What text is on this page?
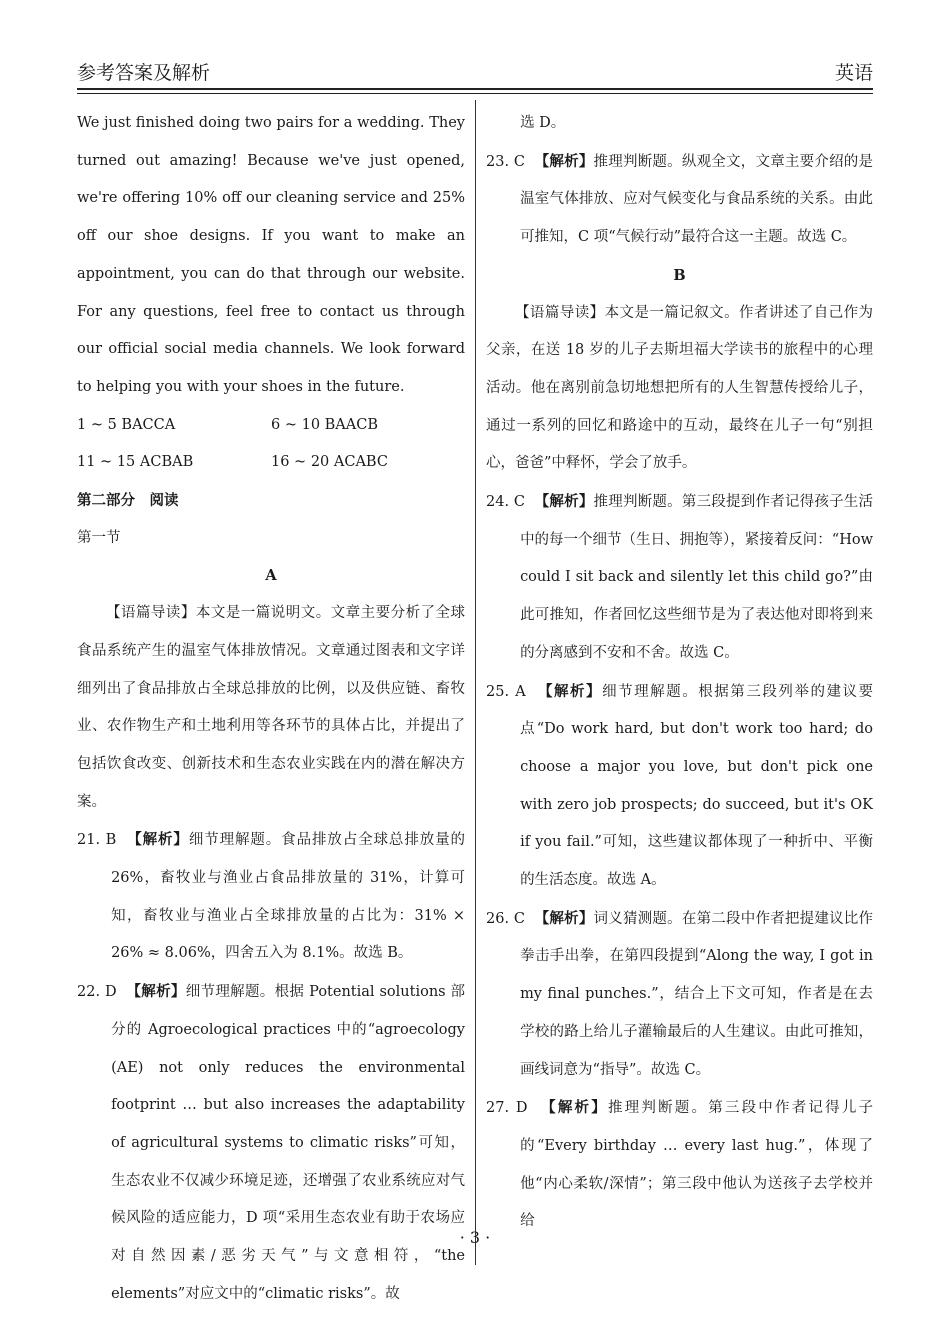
参考答案及解析	英语

We just finished doing two pairs for a wedding. They turned out amazing! Because we've just opened, we're offering 10% off our cleaning service and 25% off our shoe designs. If you want to make an appointment, you can do that through our website. For any questions, feel free to contact us through our official social media channels. We look forward to helping you with your shoes in the future.

1 ~ 5 BACCA	6 ~ 10 BAACB
11 ~ 15 ACBAB	16 ~ 20 ACABC

第二部分　阅读

第一节

A

【语篇导读】本文是一篇说明文。文章主要分析了全球食品系统产生的温室气体排放情况。文章通过图表和文字详细列出了食品排放占全球总排放的比例，以及供应链、畜牧业、农作物生产和土地利用等各环节的具体占比，并提出了包括饮食改变、创新技术和生态农业实践在内的潜在解决方案。

21. B 【解析】细节理解题。食品排放占全球总排放量的 26%，畜牧业与渔业占食品排放量的 31%，计算可知，畜牧业与渔业占全球排放量的占比为：31% × 26% ≈ 8.06%，四舍五入为 8.1%。故选 B。

22. D 【解析】细节理解题。根据 Potential solutions 部分的 Agroecological practices 中的“agroecology (AE) not only reduces the environmental footprint … but also increases the adaptability of agricultural systems to climatic risks”可知，生态农业不仅减少环境足迹，还增强了农业系统应对气候风险的适应能力，D 项“采用生态农业有助于农场应对自然因素/恶劣天气”与文意相符，“the elements”对应文中的“climatic risks”。故

选 D。

23. C 【解析】推理判断题。纵观全文，文章主要介绍的是温室气体排放、应对气候变化与食品系统的关系。由此可推知，C 项“气候行动”最符合这一主题。故选 C。

B

【语篇导读】本文是一篇记叙文。作者讲述了自己作为父亲，在送 18 岁的儿子去斯坦福大学读书的旅程中的心理活动。他在离别前急切地想把所有的人生智慧传授给儿子，通过一系列的回忆和路途中的互动，最终在儿子一句“别担心，爸爸”中释怀，学会了放手。

24. C 【解析】推理判断题。第三段提到作者记得孩子生活中的每一个细节（生日、拥抱等），紧接着反问：“How could I sit back and silently let this child go?”由此可推知，作者回忆这些细节是为了表达他对即将到来的分离感到不安和不舍。故选 C。

25. A 【解析】细节理解题。根据第三段列举的建议要点“Do work hard, but don't work too hard; do choose a major you love, but don't pick one with zero job prospects; do succeed, but it's OK if you fail.”可知，这些建议都体现了一种折中、平衡的生活态度。故选 A。

26. C 【解析】词义猜测题。在第二段中作者把提建议比作拳击手出拳，在第四段提到“Along the way, I got in my final punches.”，结合上下文可知，作者是在去学校的路上给儿子灌输最后的人生建议。由此可推知，画线词意为“指导”。故选 C。

27. D 【解析】推理判断题。第三段中作者记得儿子的“Every birthday … every last hug.”，体现了他“内心柔软/深情”；第三段中他认为送孩子去学校并给

· 3 ·
